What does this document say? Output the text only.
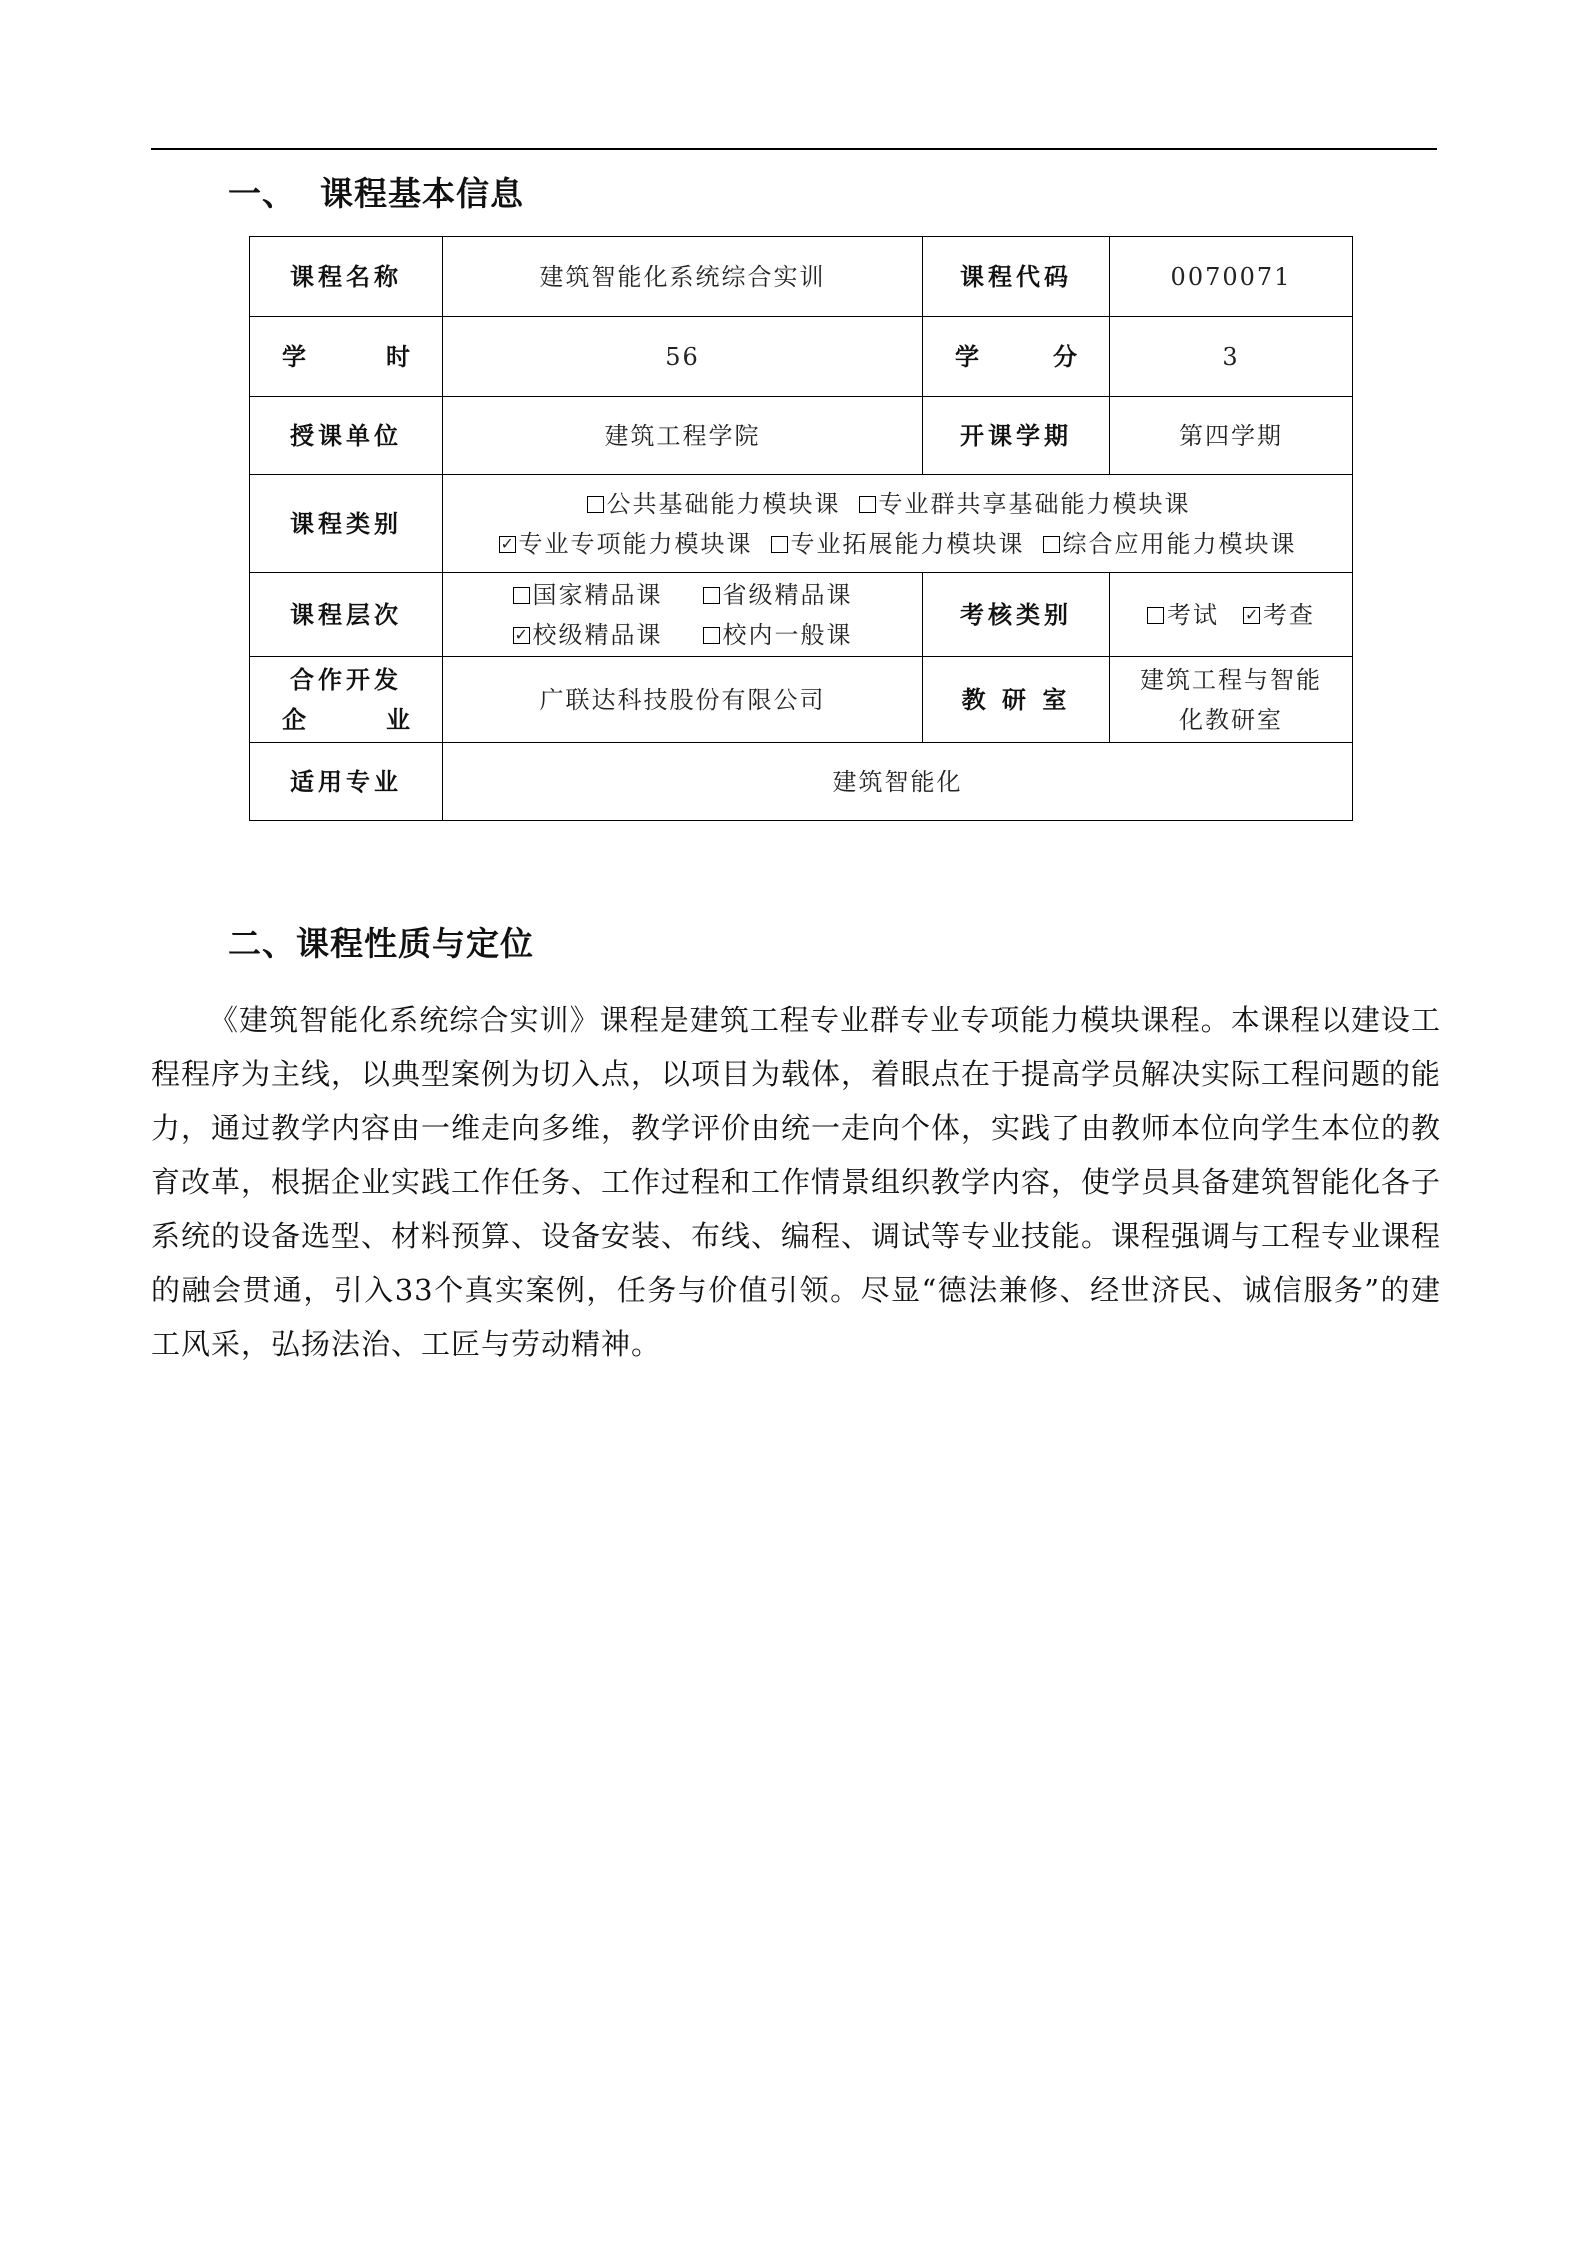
一、 课程基本信息
课程名称	建筑智能化系统综合实训	课程代码	0070071

学 时	56	学 分	3
授课单位	建筑工程学院	开课学期	第四学期
课程类别	公共基础能力模块课 专业群共享基础能力模块课
✓专业专项能力模块课 专业拓展能力模块课 综合应用能力模块课

课程层次	国家精品课 省级精品课
✓校级精品课 校内一般课	考核类别	考试 ✓ 考查

合作开发
企 业	广联达科技股份有限公司	教 研 室	建筑工程与智能化教研室
适用专业	建筑智能化		
二、课程性质与定位
《建筑智能化系统综合实训》课程是建筑工程专业群专业专项能力模块课程。本课程以建设工程程序为主线，以典型案例为切入点，以项目为载体，着眼点在于提高学员解决实际工程问题的能力，通过教学内容由一维走向多维，教学评价由统一走向个体，实践了由教师本位向学生本位的教育改革，根据企业实践工作任务、工作过程和工作情景组织教学内容，使学员具备建筑智能化各子系统的设备选型、材料预算、设备安装、布线、编程、调试等专业技能。课程强调与工程专业课程的融会贯通，引入33个真实案例，任务与价值引领。尽显“德法兼修、经世济民、诚信服务”的建工风采，弘扬法治、工匠与劳动精神。
